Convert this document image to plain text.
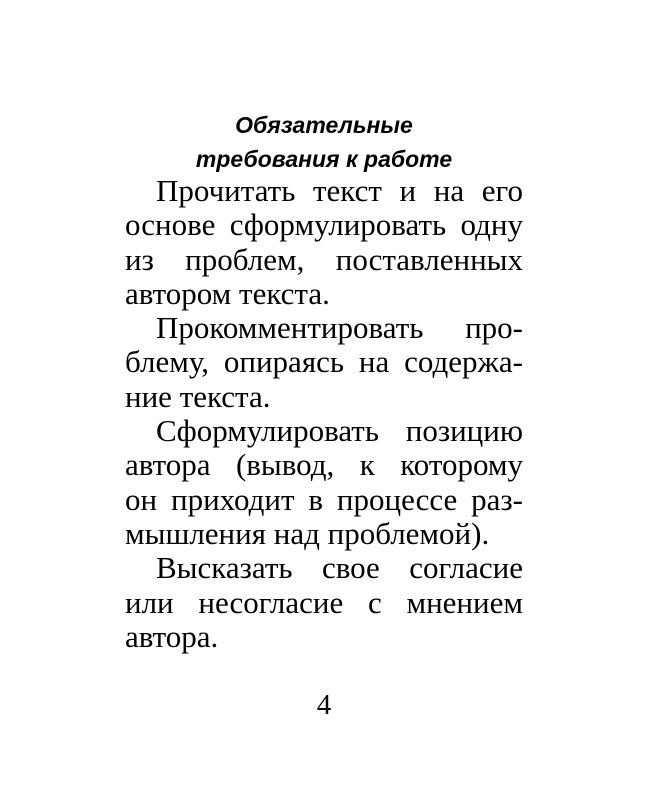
Обязательные
требования к работе

Прочитать текст и на его
основе сформулировать одну
из проблем, поставленных
автором текста.

Прокомментировать про-
блему, опираясь на содержа-
ние текста.

Сформулировать позицию
автора (вывод, к которому
он приходит в процессе раз-
мышления над проблемой).

Высказать свое согласие
или несогласие с мнением
автора.

4
